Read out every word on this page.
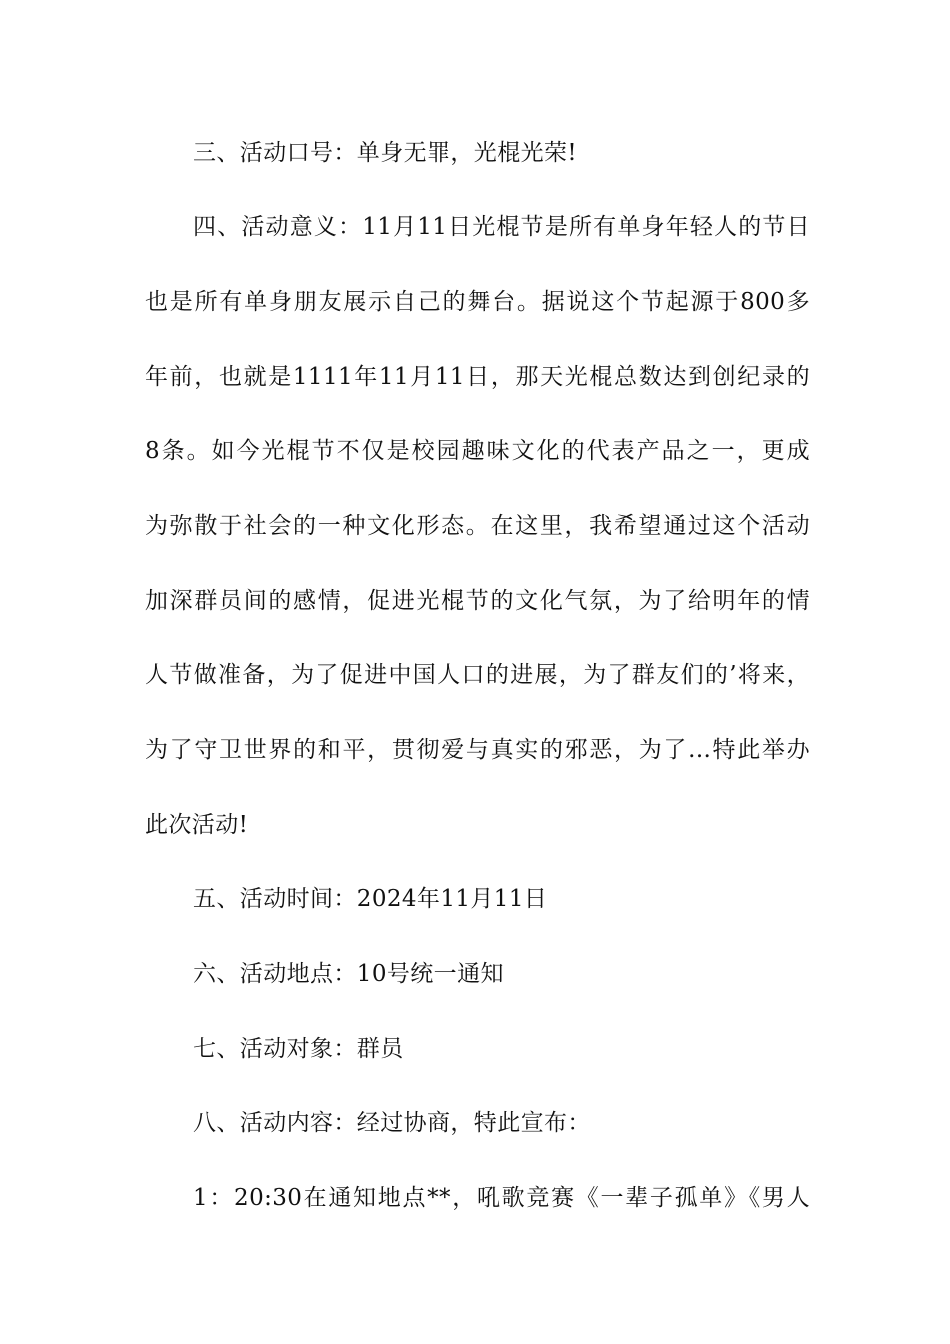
三、活动口号：单身无罪，光棍光荣!
四、活动意义：11月11日光棍节是所有单身年轻人的节日
也是所有单身朋友展示自己的舞台。据说这个节起源于800多
年前，也就是1111年11月11日，那天光棍总数达到创纪录的
8条。如今光棍节不仅是校园趣味文化的代表产品之一，更成
为弥散于社会的一种文化形态。在这里，我希望通过这个活动
加深群员间的感情，促进光棍节的文化气氛，为了给明年的情
人节做准备，为了促进中国人口的进展，为了群友们的’将来，
为了守卫世界的和平，贯彻爱与真实的邪恶，为了...特此举办
此次活动!
五、活动时间：2024年11月11日
六、活动地点：10号统一通知
七、活动对象：群员
八、活动内容：经过协商，特此宣布：
1：20:30在通知地点**，吼歌竞赛《一辈子孤单》《男人
